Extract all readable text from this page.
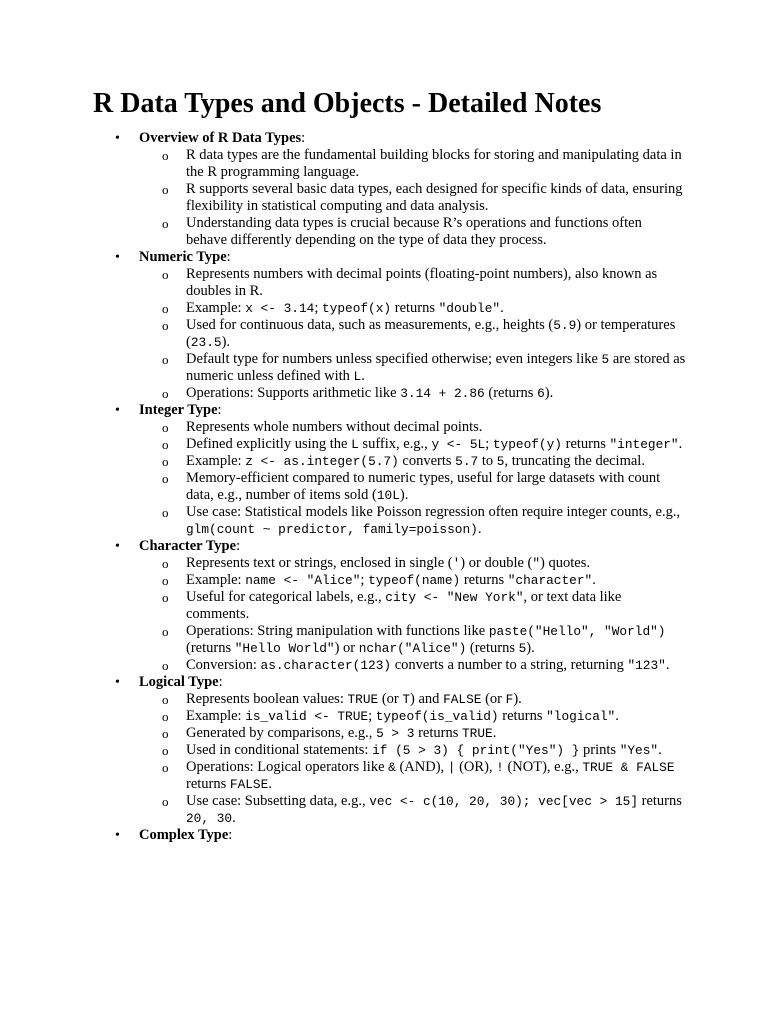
R Data Types and Objects - Detailed Notes
• Overview of R Data Types:
o R data types are the fundamental building blocks for storing and manipulating data in the R programming language.
o R supports several basic data types, each designed for specific kinds of data, ensuring flexibility in statistical computing and data analysis.
o Understanding data types is crucial because R’s operations and functions often behave differently depending on the type of data they process.
• Numeric Type:
o Represents numbers with decimal points (floating-point numbers), also known as doubles in R.
o Example: x <- 3.14; typeof(x) returns "double".
o Used for continuous data, such as measurements, e.g., heights (5.9) or temperatures (23.5).
o Default type for numbers unless specified otherwise; even integers like 5 are stored as numeric unless defined with L.
o Operations: Supports arithmetic like 3.14 + 2.86 (returns 6).
• Integer Type:
o Represents whole numbers without decimal points.
o Defined explicitly using the L suffix, e.g., y <- 5L; typeof(y) returns "integer".
o Example: z <- as.integer(5.7) converts 5.7 to 5, truncating the decimal.
o Memory-efficient compared to numeric types, useful for large datasets with count data, e.g., number of items sold (10L).
o Use case: Statistical models like Poisson regression often require integer counts, e.g., glm(count ~ predictor, family=poisson).
• Character Type:
o Represents text or strings, enclosed in single (') or double (") quotes.
o Example: name <- "Alice"; typeof(name) returns "character".
o Useful for categorical labels, e.g., city <- "New York", or text data like comments.
o Operations: String manipulation with functions like paste("Hello", "World") (returns "Hello World") or nchar("Alice") (returns 5).
o Conversion: as.character(123) converts a number to a string, returning "123".
• Logical Type:
o Represents boolean values: TRUE (or T) and FALSE (or F).
o Example: is_valid <- TRUE; typeof(is_valid) returns "logical".
o Generated by comparisons, e.g., 5 > 3 returns TRUE.
o Used in conditional statements: if (5 > 3) { print("Yes") } prints "Yes".
o Operations: Logical operators like & (AND), | (OR), ! (NOT), e.g., TRUE & FALSE returns FALSE.
o Use case: Subsetting data, e.g., vec <- c(10, 20, 30); vec[vec > 15] returns 20, 30.
• Complex Type:
